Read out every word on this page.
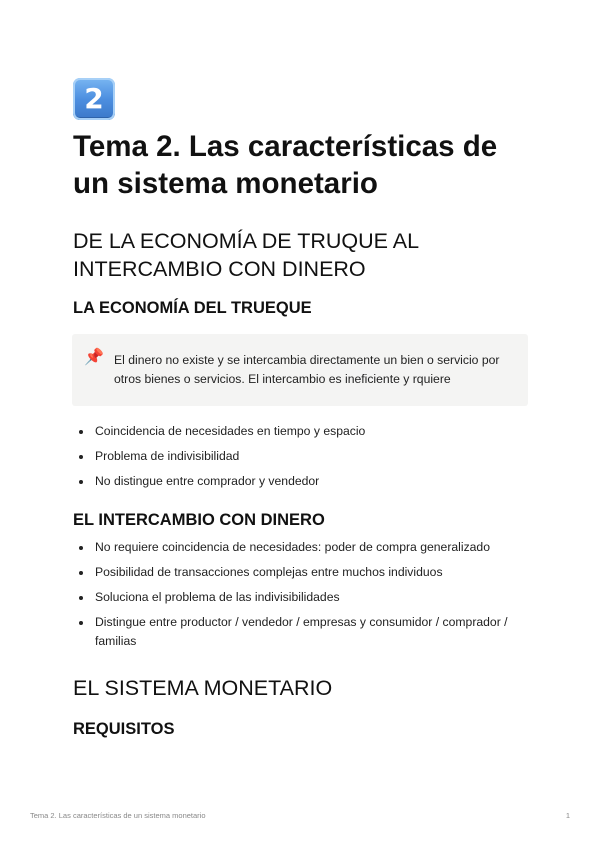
2
Tema 2. Las características de un sistema monetario
DE LA ECONOMÍA DE TRUQUE AL INTERCAMBIO CON DINERO
LA ECONOMÍA DEL TRUEQUE
📌 El dinero no existe y se intercambia directamente un bien o servicio por otros bienes o servicios. El intercambio es ineficiente y rquiere
Coincidencia de necesidades en tiempo y espacio
Problema de indivisibilidad
No distingue entre comprador y vendedor
EL INTERCAMBIO CON DINERO
No requiere coincidencia de necesidades: poder de compra generalizado
Posibilidad de transacciones complejas entre muchos individuos
Soluciona el problema de las indivisibilidades
Distingue entre productor / vendedor / empresas y consumidor / comprador / familias
EL SISTEMA MONETARIO
REQUISITOS
Tema 2. Las características de un sistema monetario	1
